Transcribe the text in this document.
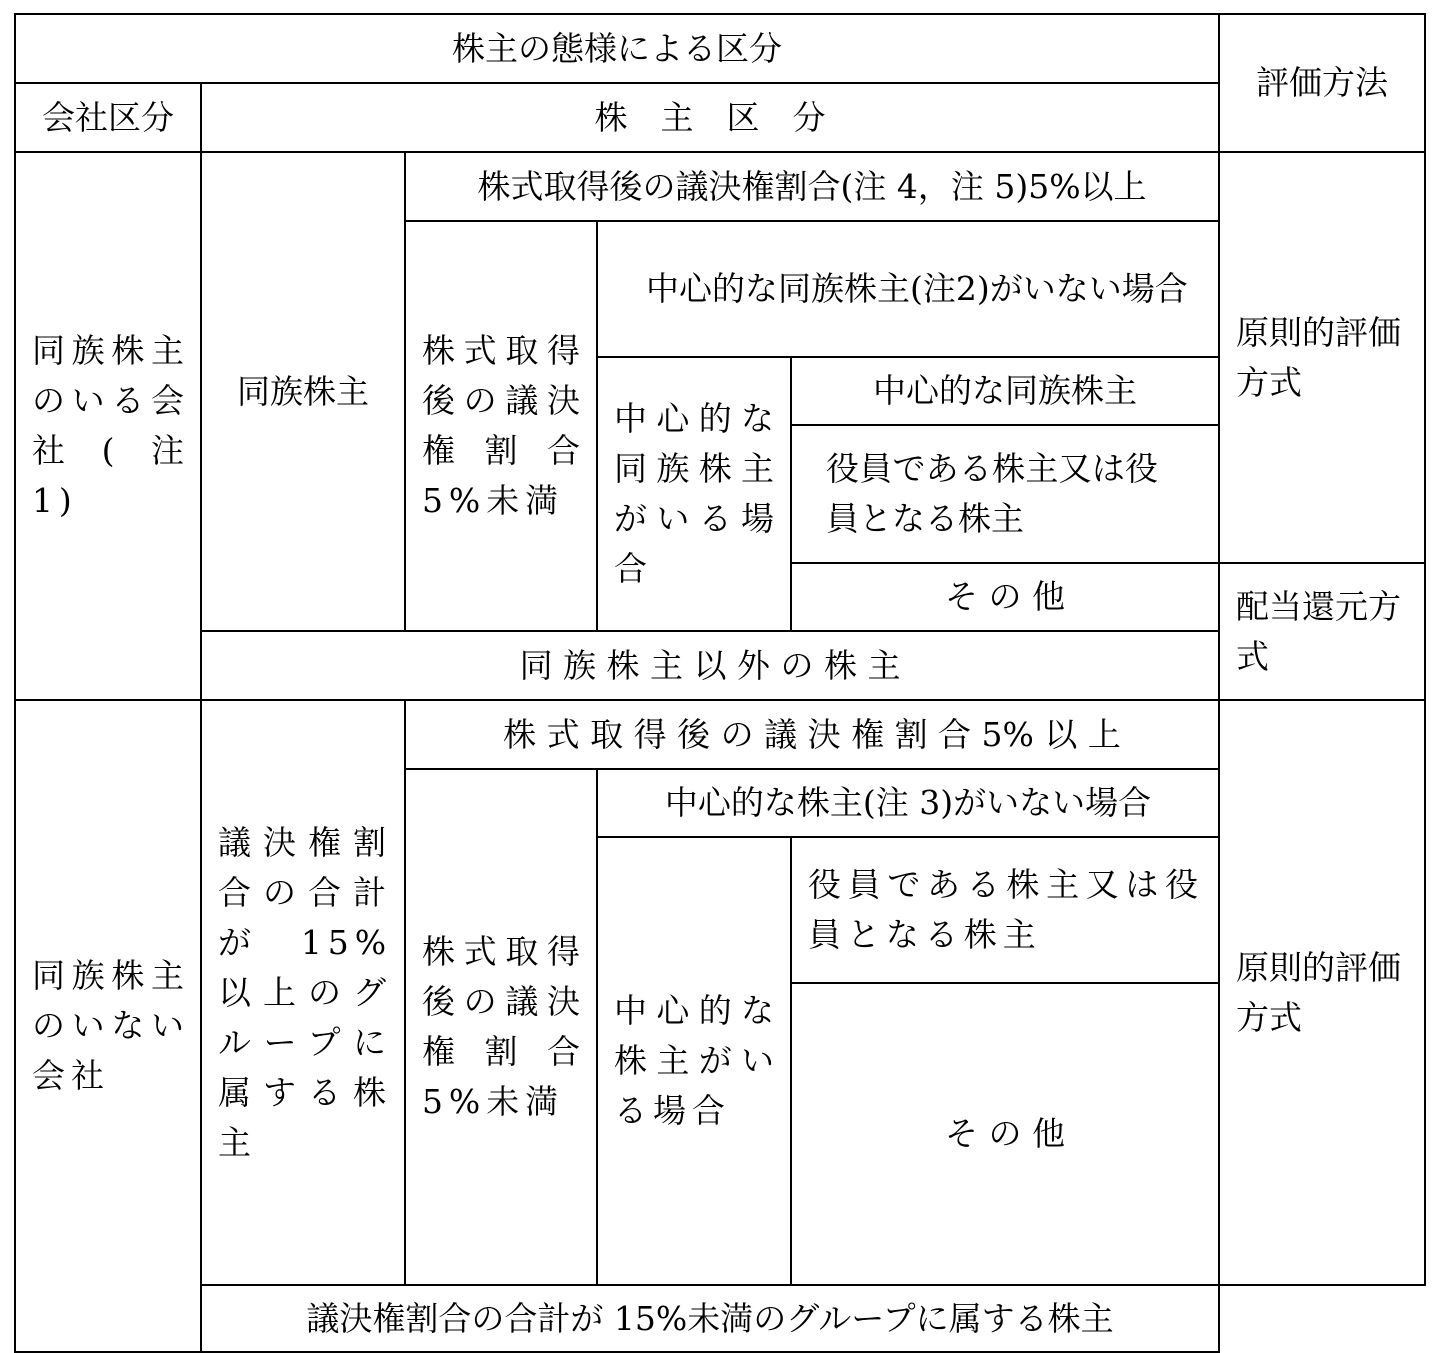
株主の態様による区分					評価方法	
会社区分	株　主　区　分					
同族株主のいる会社(注 1)	同族株主	株式取得後の議決権割合(注 4，注 5)5%以上			原則的評価方式	
		株式取得後の議決権割合5%未満	中心的な同族株主(注2)がいない場合			
			中心的な同族株主がいる場合	中心的な同族株主		
				役員である株主又は役員となる株主		
				そ の 他	配当還元方式	
	同 族 株 主 以 外 の 株 主					
同族株主のいない会社	議決権割合の合計が 15%以上のグループに属する株主	株 式 取 得 後 の 議 決 権 割 合 5% 以 上			原則的評価方式	
		株式取得後の議決権割合5%未満	中心的な株主(注 3)がいない場合			
			中心的な株主がいる場合	役員である株主又は役員となる株主		
				そ の 他	

	議決権割合の合計が 15%未満のグループに属する株主					
